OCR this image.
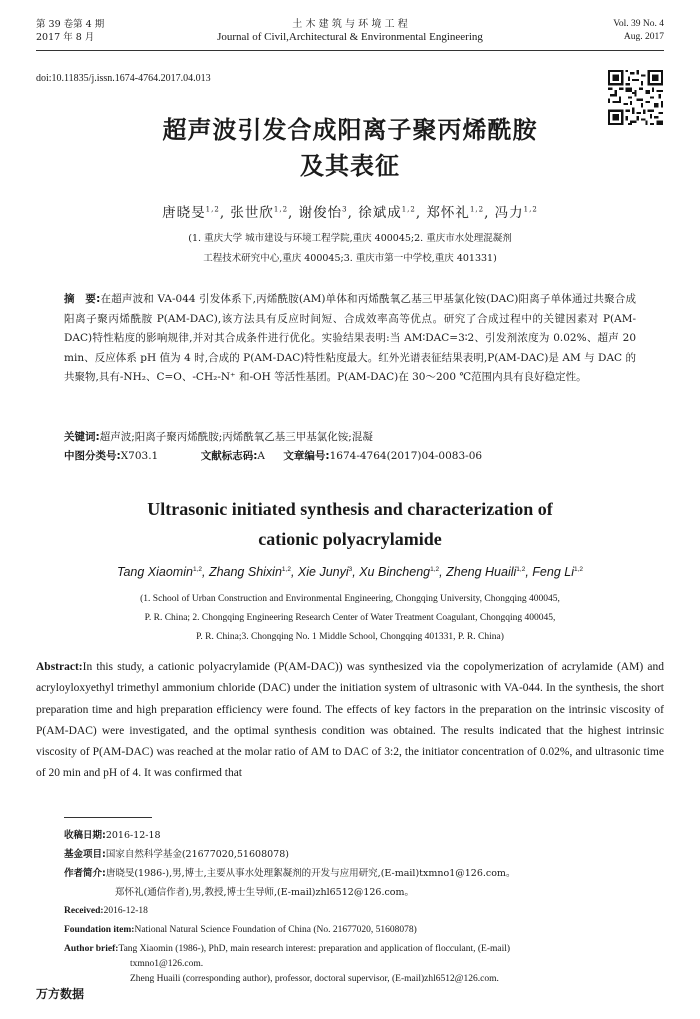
第 39 卷第 4 期
2017 年 8 月
土 木 建 筑 与 环 境 工 程
Journal of Civil,Architectural & Environmental Engineering
Vol. 39 No. 4
Aug. 2017
doi:10.11835/j.issn.1674-4764.2017.04.013
超声波引发合成阳离子聚丙烯酰胺
及其表征
唐晓旻$^{1,2}$, 张世欣$^{1,2}$, 谢俊怡$^3$, 徐斌成$^{1,2}$, 郑怀礼$^{1,2}$, 冯力$^{1,2}$
(1. 重庆大学 城市建设与环境工程学院,重庆 400045;2. 重庆市水处理混凝剂
工程技术研究中心,重庆 400045;3. 重庆市第一中学校,重庆 401331)
摘　要:在超声波和 VA-044 引发体系下,丙烯酰胺(AM)单体和丙烯酰氧乙基三甲基氯化铵(DAC)阳离子单体通过共聚合成阳离子聚丙烯酰胺 P(AM-DAC),该方法具有反应时间短、合成效率高等优点。研究了合成过程中的关键因素对 P(AM-DAC)特性粘度的影响规律,并对其合成条件进行优化。实验结果表明:当 AM∶DAC=3∶2、引发剂浓度为 0.02%、超声 20 min、反应体系 pH 值为 4 时,合成的 P(AM-DAC)特性粘度最大。红外光谱表征结果表明,P(AM-DAC)是 AM 与 DAC 的共聚物,具有-NH₂、C=O、-CH₂-N⁺ 和-OH 等活性基团。P(AM-DAC)在 30～200 ℃范围内具有良好稳定性。
关键词:超声波;阳离子聚丙烯酰胺;丙烯酰氧乙基三甲基氯化铵;混凝
中图分类号:X703.1	文献标志码:A 文章编号:1674-4764(2017)04-0083-06
Ultrasonic initiated synthesis and characterization of
cationic polyacrylamide
Tang Xiaomin$^{1,2}$, Zhang Shixin$^{1,2}$, Xie Junyi$^3$, Xu Bincheng$^{1,2}$, Zheng Huaili$^{1,2}$, Feng Li$^{1,2}$
(1. School of Urban Construction and Environmental Engineering, Chongqing University, Chongqing 400045,
P. R. China; 2. Chongqing Engineering Research Center of Water Treatment Coagulant, Chongqing 400045,
P. R. China;3. Chongqing No. 1 Middle School, Chongqing 401331, P. R. China)
Abstract:In this study, a cationic polyacrylamide (P(AM-DAC)) was synthesized via the copolymerization of acrylamide (AM) and acryloyloxyethyl trimethyl ammonium chloride (DAC) under the initiation system of ultrasonic with VA-044. In the synthesis, the short preparation time and high preparation efficiency were found. The effects of key factors in the preparation on the intrinsic viscosity of P(AM-DAC) were investigated, and the optimal synthesis condition was obtained. The results indicated that the highest intrinsic viscosity of P(AM-DAC) was reached at the molar ratio of AM to DAC of 3:2, the initiator concentration of 0.02%, and ultrasonic time of 20 min and pH of 4. It was confirmed that
收稿日期:2016-12-18
基金项目:国家自然科学基金(21677020,51608078)
作者简介:唐晓旻(1986-),男,博士,主要从事水处理絮凝剂的开发与应用研究,(E-mail)txmno1@126.com。
郑怀礼(通信作者),男,教授,博士生导师,(E-mail)zhl6512@126.com。
Received:2016-12-18
Foundation item:National Natural Science Foundation of China (No. 21677020, 51608078)
Author brief:Tang Xiaomin (1986-), PhD, main research interest: preparation and application of flocculant, (E-mail)
txmno1@126.com.
Zheng Huaili (corresponding author), professor, doctoral supervisor, (E-mail)zhl6512@126.com.
万方数据
